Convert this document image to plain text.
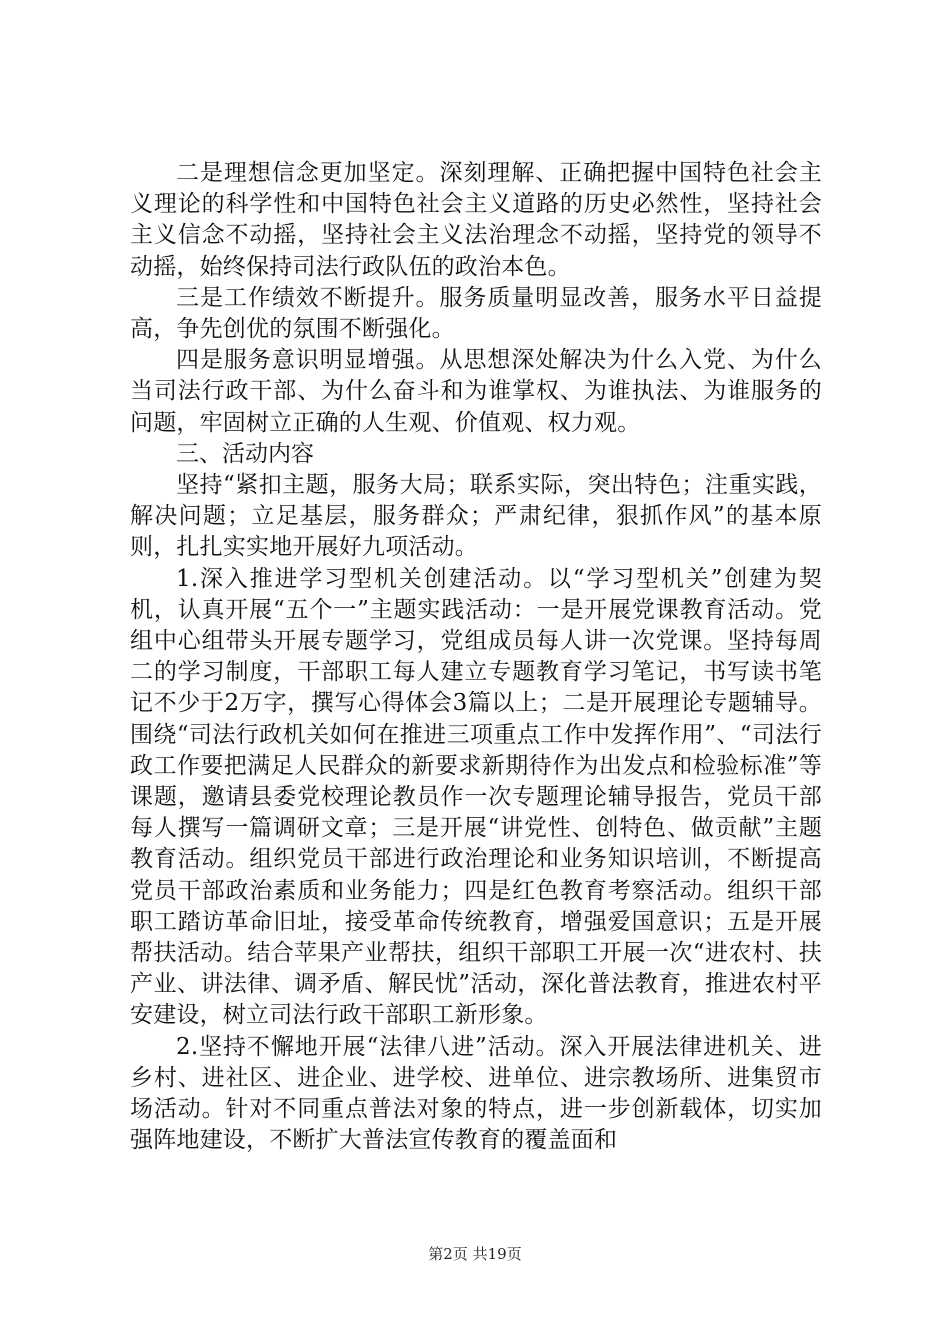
二是理想信念更加坚定。深刻理解、正确把握中国特色社会主义理论的科学性和中国特色社会主义道路的历史必然性，坚持社会主义信念不动摇，坚持社会主义法治理念不动摇，坚持党的领导不动摇，始终保持司法行政队伍的政治本色。

三是工作绩效不断提升。服务质量明显改善，服务水平日益提高，争先创优的氛围不断强化。

四是服务意识明显增强。从思想深处解决为什么入党、为什么当司法行政干部、为什么奋斗和为谁掌权、为谁执法、为谁服务的问题，牢固树立正确的人生观、价值观、权力观。

三、活动内容

坚持“紧扣主题，服务大局；联系实际，突出特色；注重实践，解决问题；立足基层，服务群众；严肃纪律，狠抓作风”的基本原则，扎扎实实地开展好九项活动。

1.深入推进学习型机关创建活动。以“学习型机关”创建为契机，认真开展“五个一”主题实践活动：一是开展党课教育活动。党组中心组带头开展专题学习，党组成员每人讲一次党课。坚持每周二的学习制度，干部职工每人建立专题教育学习笔记，书写读书笔记不少于2万字，撰写心得体会3篇以上；二是开展理论专题辅导。围绕“司法行政机关如何在推进三项重点工作中发挥作用”、“司法行政工作要把满足人民群众的新要求新期待作为出发点和检验标准”等课题，邀请县委党校理论教员作一次专题理论辅导报告，党员干部每人撰写一篇调研文章；三是开展“讲党性、创特色、做贡献”主题教育活动。组织党员干部进行政治理论和业务知识培训，不断提高党员干部政治素质和业务能力；四是红色教育考察活动。组织干部职工踏访革命旧址，接受革命传统教育，增强爱国意识；五是开展帮扶活动。结合苹果产业帮扶，组织干部职工开展一次“进农村、扶产业、讲法律、调矛盾、解民忧”活动，深化普法教育，推进农村平安建设，树立司法行政干部职工新形象。

2.坚持不懈地开展“法律八进”活动。深入开展法律进机关、进乡村、进社区、进企业、进学校、进单位、进宗教场所、进集贸市场活动。针对不同重点普法对象的特点，进一步创新载体，切实加强阵地建设，不断扩大普法宣传教育的覆盖面和

第2页 共19页
